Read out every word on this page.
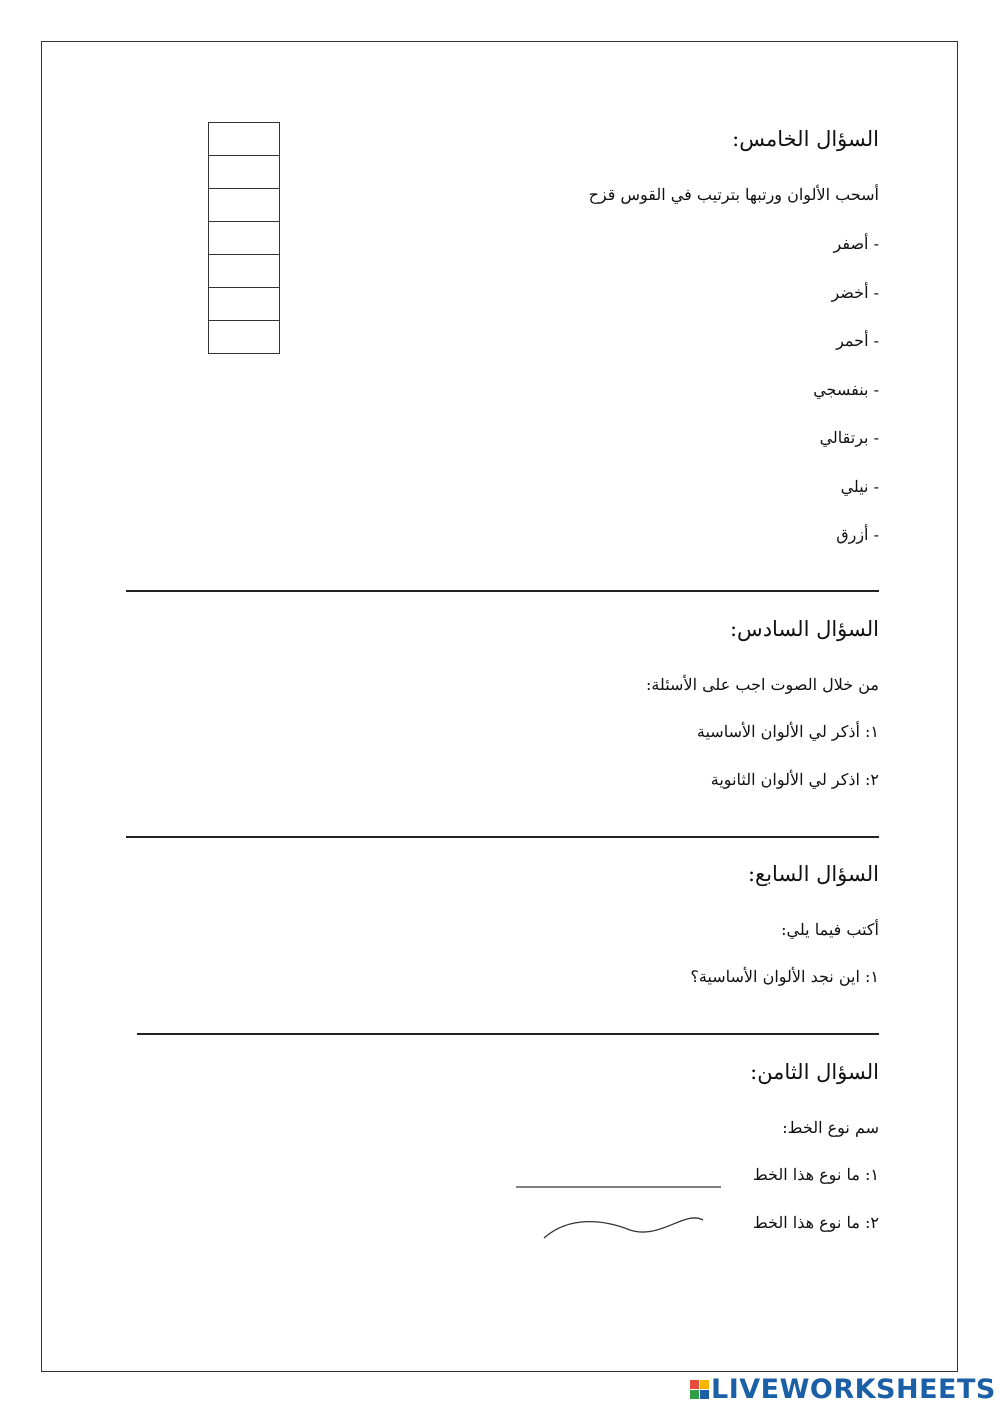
السؤال الخامس:
أسحب الألوان ورتبها بترتيب في القوس قزح
- أصفر
- أخضر
- أحمر
- بنفسجي
- برتقالي
- نيلي
- أزرق
السؤال السادس:
من خلال الصوت اجب على الأسئلة:
١: أذكر لي الألوان الأساسية
٢: اذكر لي الألوان الثانوية
السؤال السابع:
أكتب فيما يلي:
١: اين نجد الألوان الأساسية؟
السؤال الثامن:
سم نوع الخط:
١: ما نوع هذا الخط
٢: ما نوع هذا الخط
LIVEWORKSHEETS
